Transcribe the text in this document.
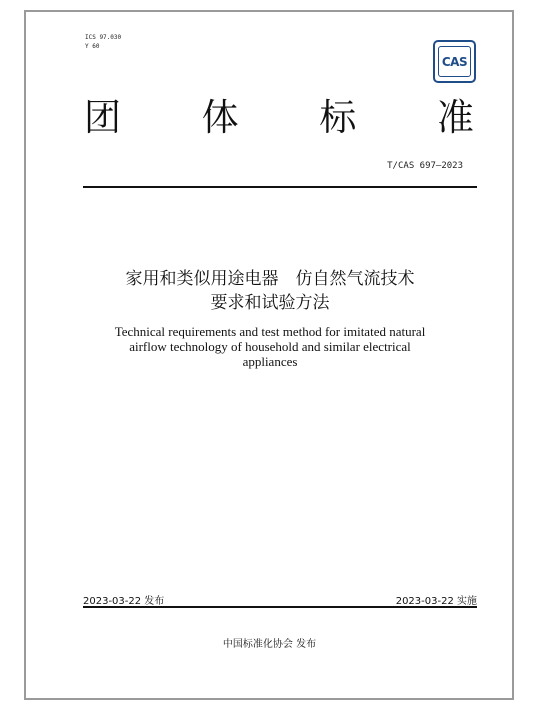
ICS 97.030
Y 60
CAS
团 体 标 准
T/CAS 697—2023
家用和类似用途电器　仿自然气流技术
要求和试验方法
Technical requirements and test method for imitated natural
airflow technology of household and similar electrical
appliances
2023-03-22 发布	2023-03-22 实施
中国标准化协会 发布
